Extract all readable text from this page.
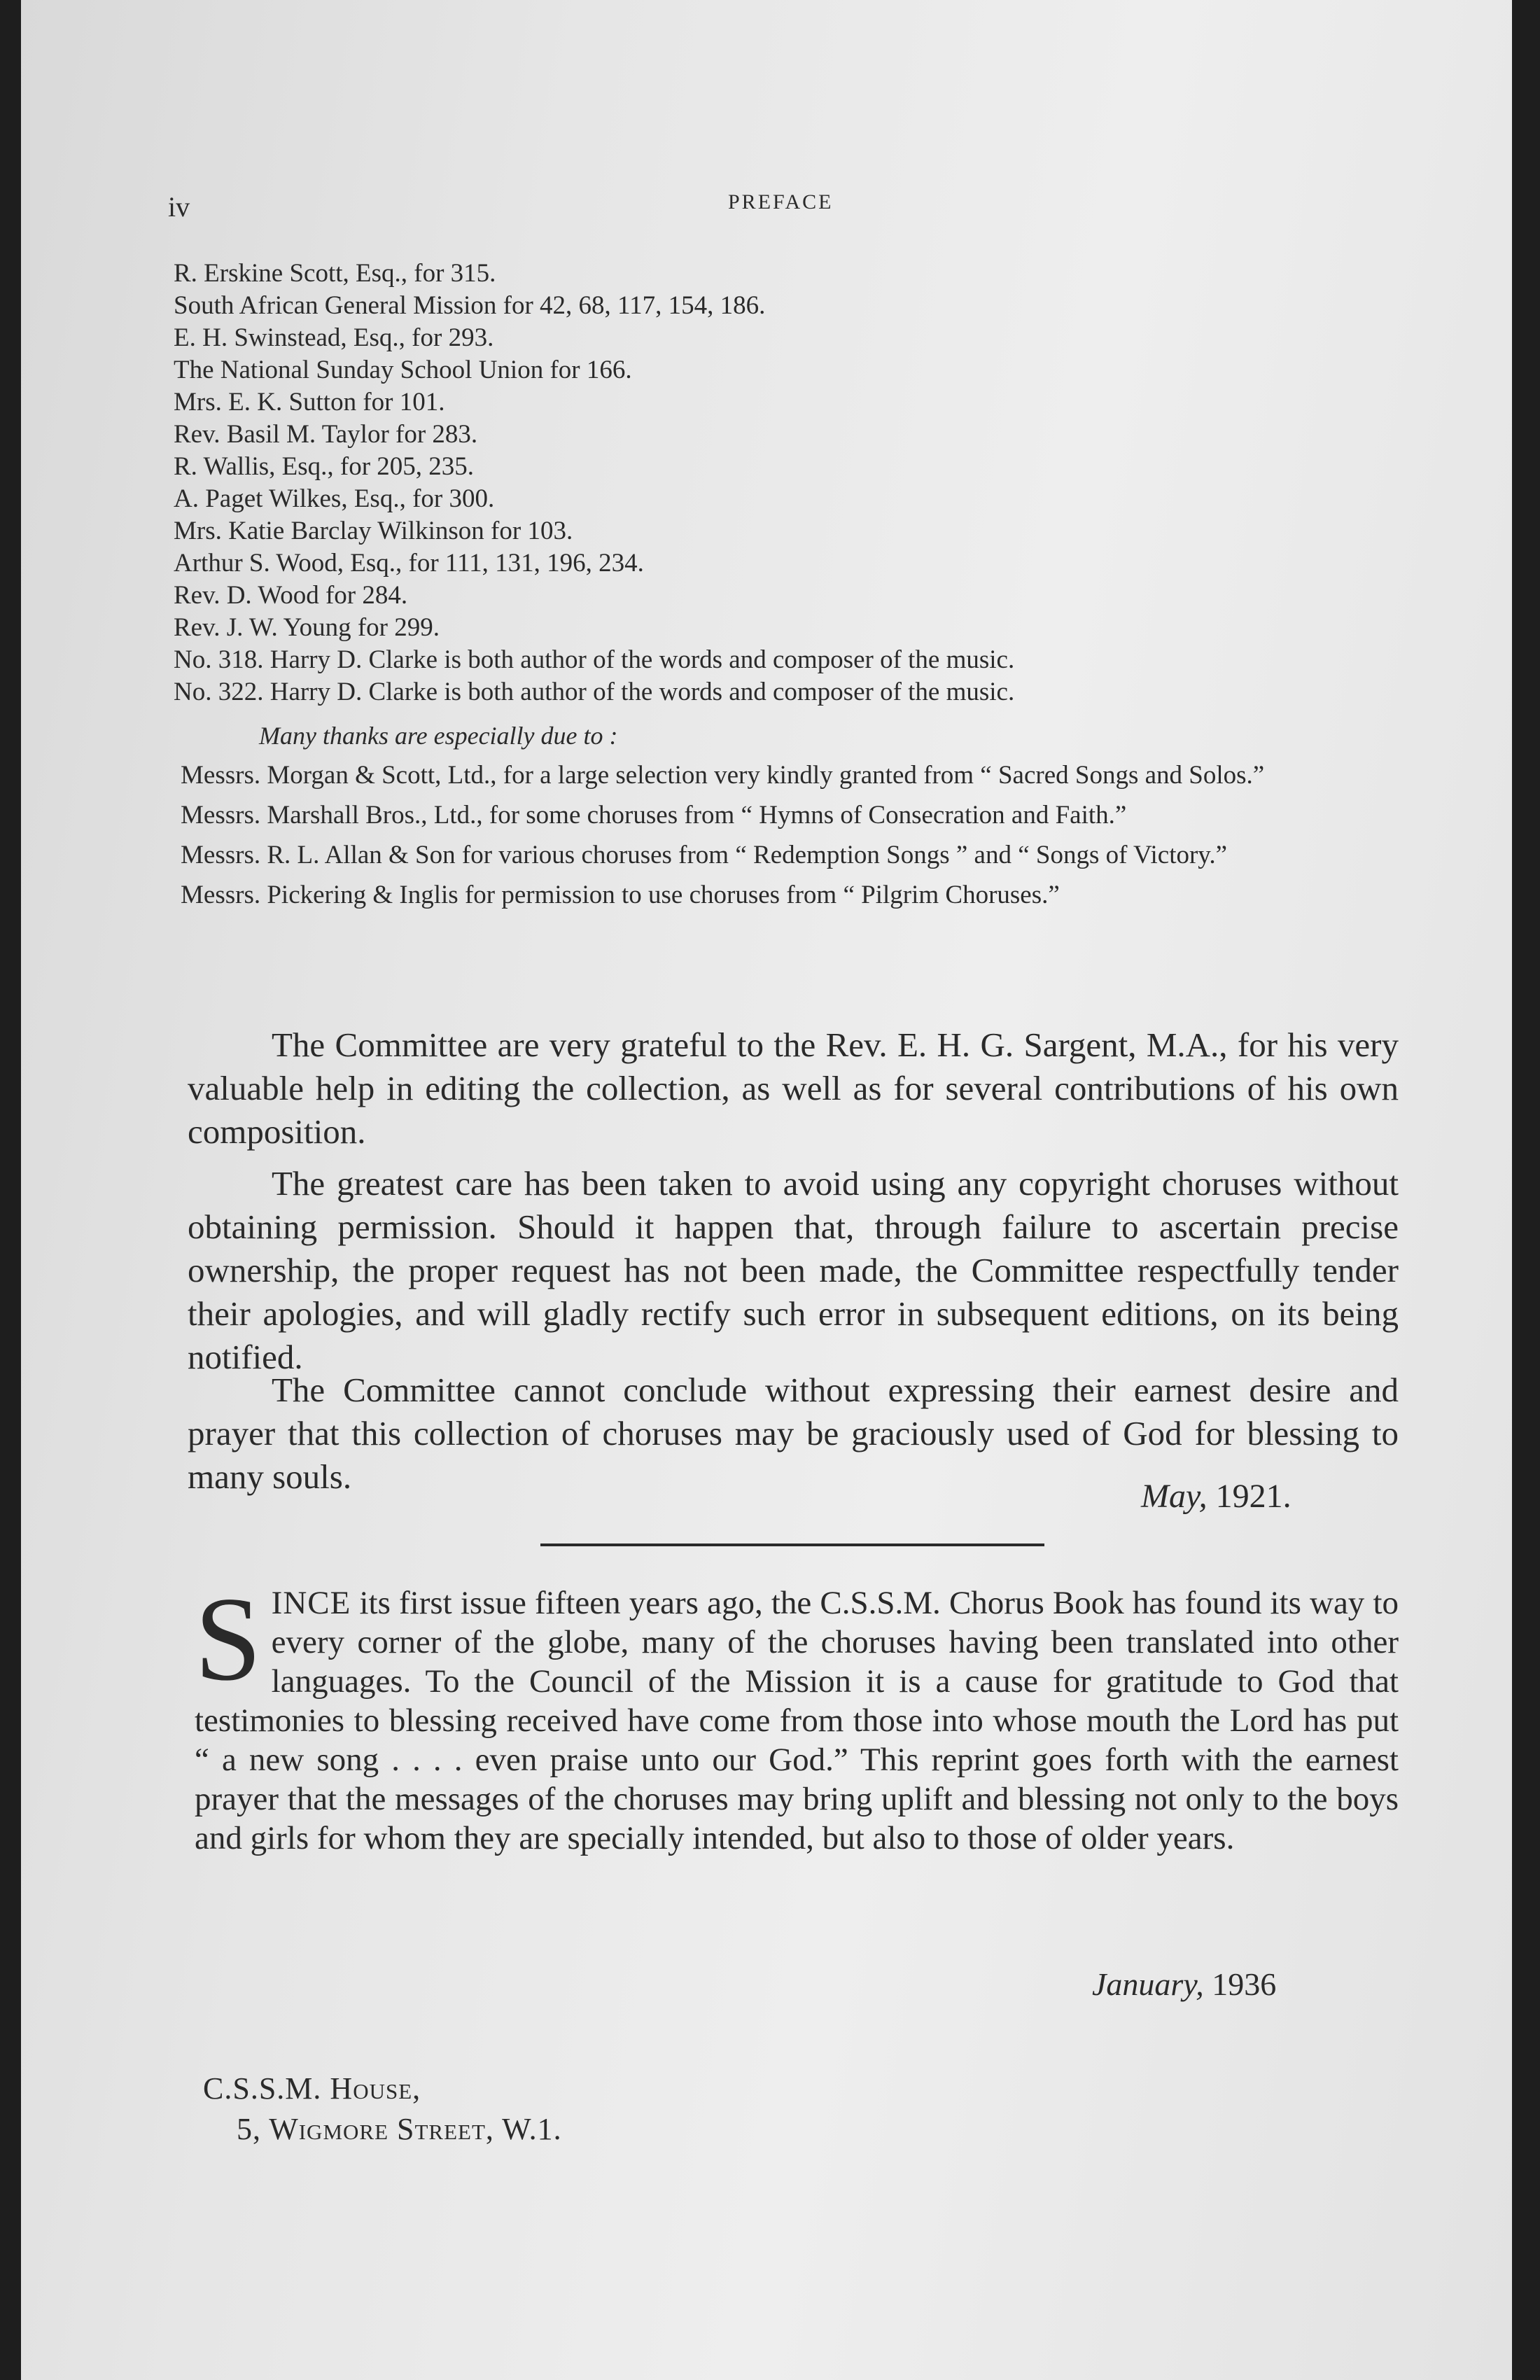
iv	PREFACE

R. Erskine Scott, Esq., for 315.

South African General Mission for 42, 68, 117, 154, 186.

E. H. Swinstead, Esq., for 293.

The National Sunday School Union for 166.

Mrs. E. K. Sutton for 101.

Rev. Basil M. Taylor for 283.

R. Wallis, Esq., for 205, 235.

A. Paget Wilkes, Esq., for 300.

Mrs. Katie Barclay Wilkinson for 103.

Arthur S. Wood, Esq., for 111, 131, 196, 234.

Rev. D. Wood for 284.

Rev. J. W. Young for 299.

No. 318. Harry D. Clarke is both author of the words and composer of the music.

No. 322. Harry D. Clarke is both author of the words and composer of the music.

Many thanks are especially due to :

Messrs. Morgan & Scott, Ltd., for a large selection very kindly granted from “ Sacred Songs and Solos.”

Messrs. Marshall Bros., Ltd., for some choruses from “ Hymns of Consecration and Faith.”

Messrs. R. L. Allan & Son for various choruses from “ Redemption Songs ” and “ Songs of Victory.”

Messrs. Pickering & Inglis for permission to use choruses from “ Pilgrim Choruses.”

The Committee are very grateful to the Rev. E. H. G. Sargent, M.A., for his very valuable help in editing the collection, as well as for several contributions of his own composition.

The greatest care has been taken to avoid using any copyright choruses without obtaining permission. Should it happen that, through failure to ascertain precise ownership, the proper request has not been made, the Committee respectfully tender their apologies, and will gladly rectify such error in subsequent editions, on its being notified.

The Committee cannot conclude without expressing their earnest desire and prayer that this collection of choruses may be graciously used of God for blessing to many souls.

May, 1921.

SINCE its first issue fifteen years ago, the C.S.S.M. Chorus Book has found its way to every corner of the globe, many of the choruses having been translated into other languages. To the Council of the Mission it is a cause for gratitude to God that testimonies to blessing received have come from those into whose mouth the Lord has put “ a new song . . . . even praise unto our God.” This reprint goes forth with the earnest prayer that the messages of the choruses may bring uplift and blessing not only to the boys and girls for whom they are specially intended, but also to those of older years.

January, 1936
C.S.S.M. House,
5, Wigmore Street, W.1.
